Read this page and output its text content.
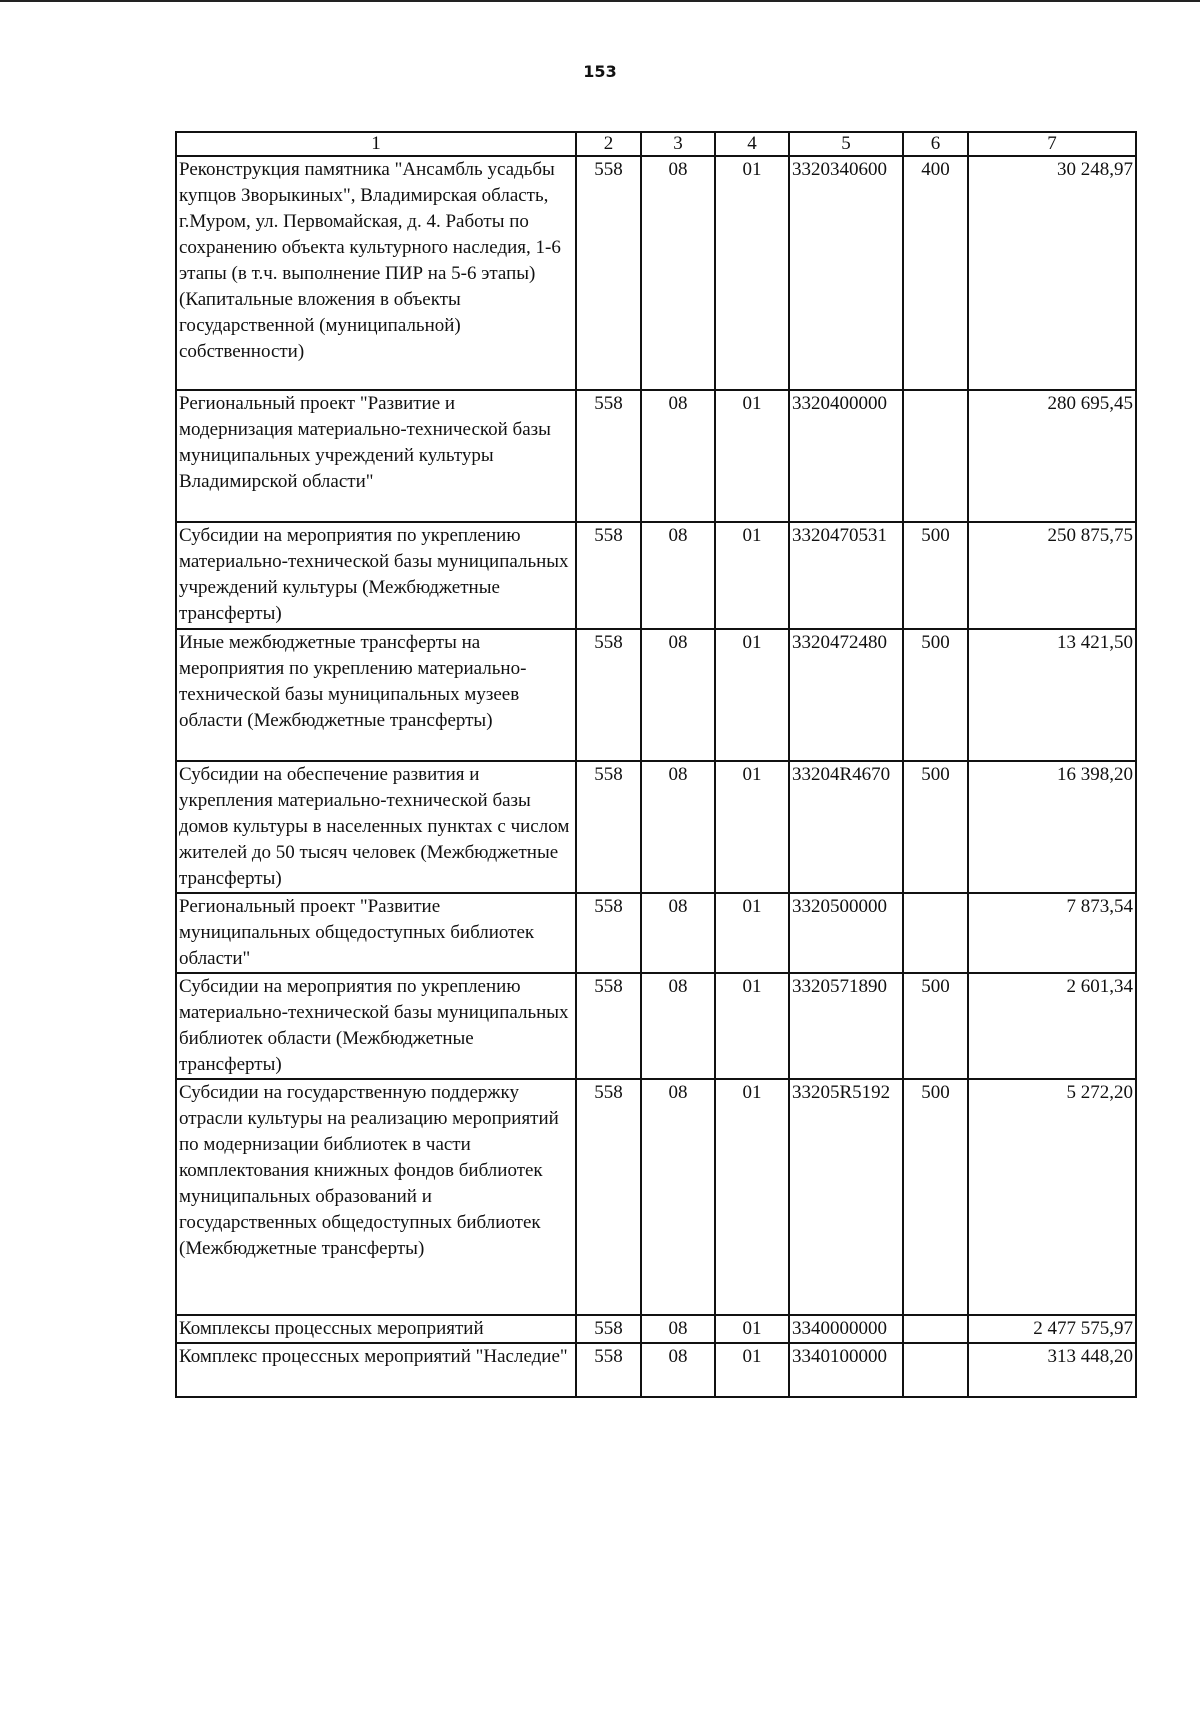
153
1	2	3	4	5	6	7
Реконструкция памятника "Ансамбль усадьбы купцов Зворыкиных", Владимирская область, г.Муром, ул. Первомайская, д. 4. Работы по сохранению объекта культурного наследия, 1-6 этапы (в т.ч. выполнение ПИР на 5-6 этапы) (Капитальные вложения в объекты государственной (муниципальной) собственности)	558	08	01	3320340600	400	30 248,97
Региональный проект "Развитие и модернизация материально-технической базы муниципальных учреждений культуры Владимирской области"	558	08	01	3320400000		280 695,45
Субсидии на мероприятия по укреплению материально-технической базы муниципальных учреждений культуры (Межбюджетные трансферты)	558	08	01	3320470531	500	250 875,75
Иные межбюджетные трансферты на мероприятия по укреплению материально-технической базы муниципальных музеев области (Межбюджетные трансферты)	558	08	01	3320472480	500	13 421,50
Субсидии на обеспечение развития и укрепления материально-технической базы домов культуры в населенных пунктах с числом жителей до 50 тысяч человек (Межбюджетные трансферты)	558	08	01	33204R4670	500	16 398,20
Региональный проект "Развитие муниципальных общедоступных библиотек области"	558	08	01	3320500000		7 873,54
Субсидии на мероприятия по укреплению материально-технической базы муниципальных библиотек области (Межбюджетные трансферты)	558	08	01	3320571890	500	2 601,34
Субсидии на государственную поддержку отрасли культуры на реализацию мероприятий по модернизации библиотек в части комплектования книжных фондов библиотек муниципальных образований и государственных общедоступных библиотек (Межбюджетные трансферты)	558	08	01	33205R5192	500	5 272,20
Комплексы процессных мероприятий	558	08	01	3340000000		2 477 575,97
Комплекс процессных мероприятий "Наследие"	558	08	01	3340100000		313 448,20
